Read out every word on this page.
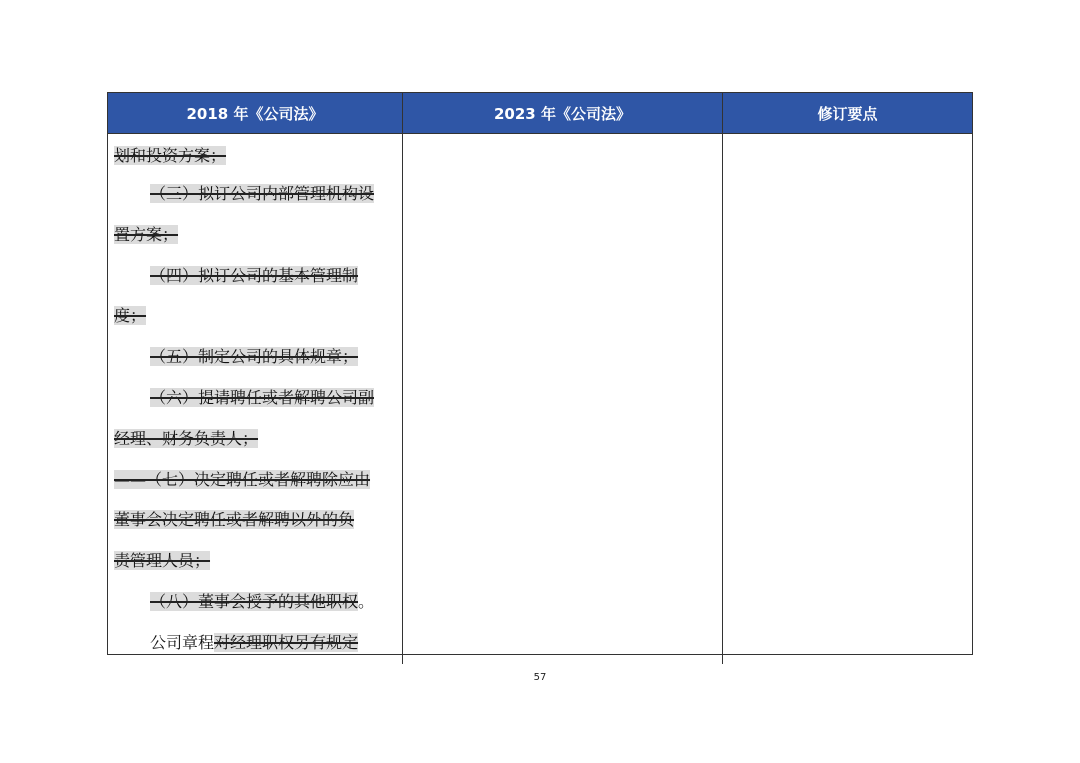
2018 年《公司法》	2023 年《公司法》	修订要点
划和投资方案；
（三）拟订公司内部管理机构设
置方案；
（四）拟订公司的基本管理制
度；
（五）制定公司的具体规章；
（六）提请聘任或者解聘公司副
经理、财务负责人；
——（七）决定聘任或者解聘除应由
董事会决定聘任或者解聘以外的负
责管理人员；
（八）董事会授予的其他职权。
公司章程对经理职权另有规定
57
